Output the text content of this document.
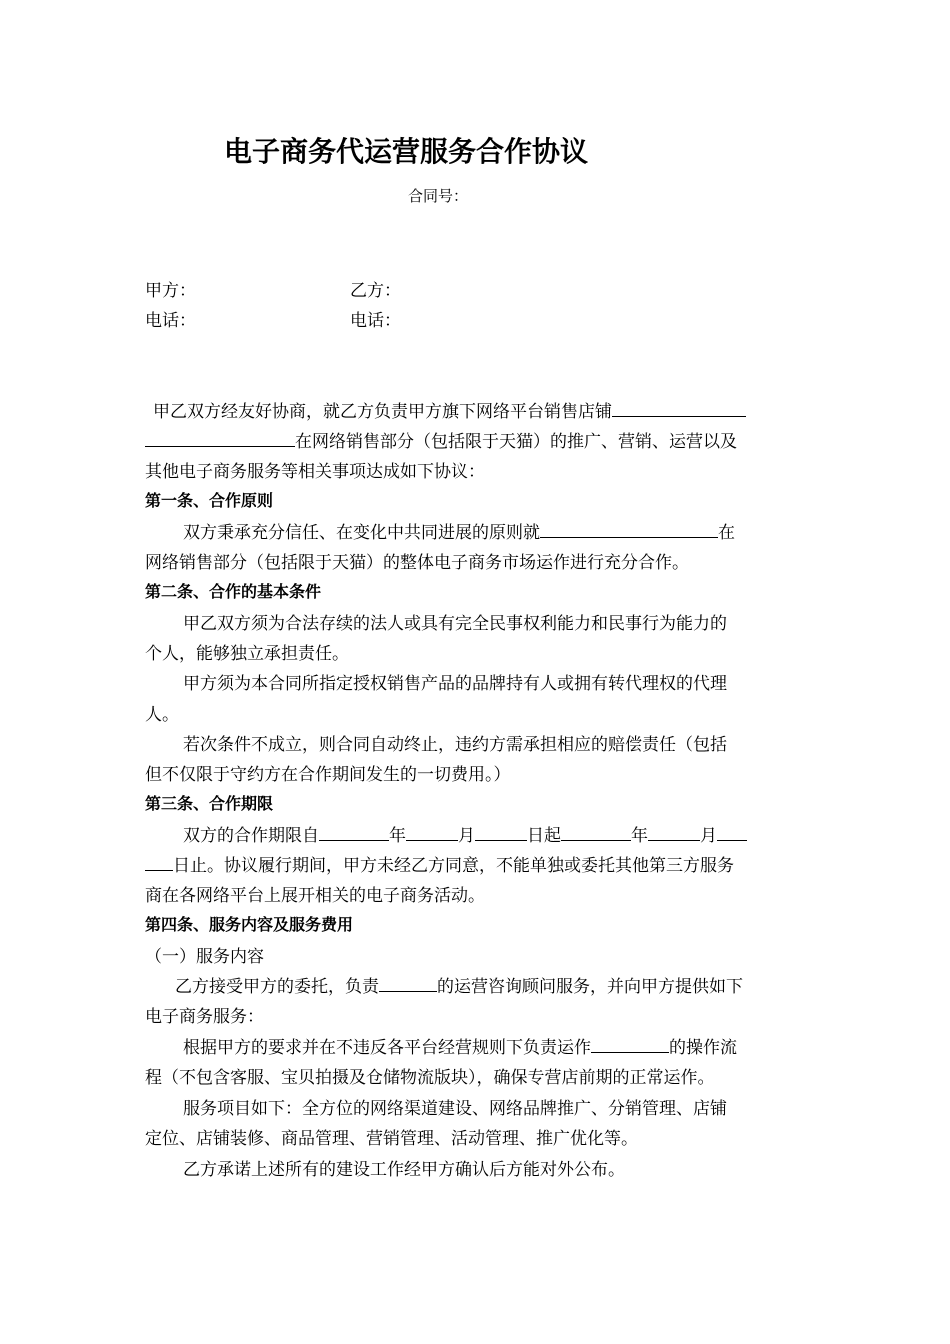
电子商务代运营服务合作协议
合同号：
甲方：	乙方：
电话：	电话：
甲乙双方经友好协商，就乙方负责甲方旗下网络平台销售店铺
在网络销售部分（包括限于天猫）的推广、营销、运营以及
其他电子商务服务等相关事项达成如下协议：
第一条、合作原则
双方秉承充分信任、在变化中共同进展的原则就	在
网络销售部分（包括限于天猫）的整体电子商务市场运作进行充分合作。
第二条、合作的基本条件
甲乙双方须为合法存续的法人或具有完全民事权利能力和民事行为能力的
个人，能够独立承担责任。
甲方须为本合同所指定授权销售产品的品牌持有人或拥有转代理权的代理
人。
若次条件不成立，则合同自动终止，违约方需承担相应的赔偿责任（包括
但不仅限于守约方在合作期间发生的一切费用。）
第三条、合作期限
双方的合作期限自	年	月	日起	年	月
日止。协议履行期间，甲方未经乙方同意，不能单独或委托其他第三方服务
商在各网络平台上展开相关的电子商务活动。
第四条、服务内容及服务费用
（一）服务内容
乙方接受甲方的委托，负责	的运营咨询顾问服务，并向甲方提供如下
电子商务服务：
根据甲方的要求并在不违反各平台经营规则下负责运作	的操作流
程（不包含客服、宝贝拍摄及仓储物流版块），确保专营店前期的正常运作。
服务项目如下：全方位的网络渠道建设、网络品牌推广、分销管理、店铺
定位、店铺装修、商品管理、营销管理、活动管理、推广优化等。
乙方承诺上述所有的建设工作经甲方确认后方能对外公布。
